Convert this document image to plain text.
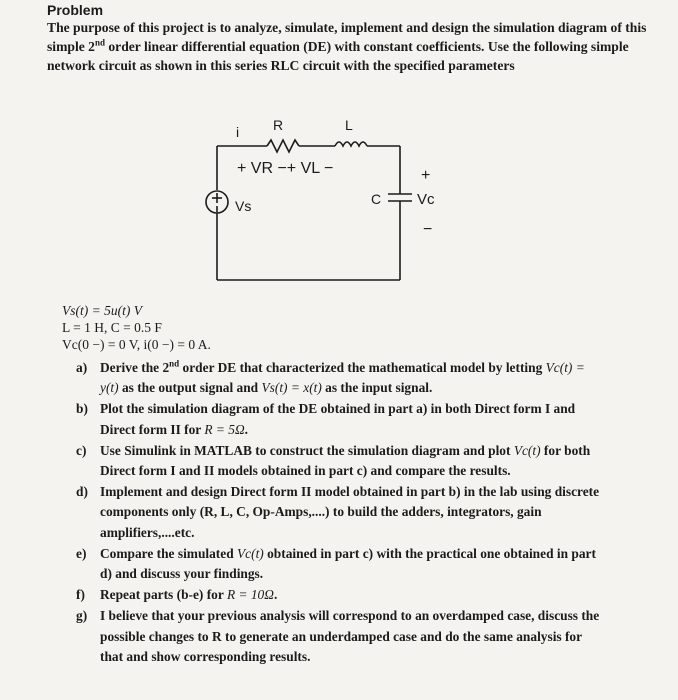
Problem
The purpose of this project is to analyze, simulate, implement and design the simulation diagram of this simple 2nd order linear differential equation (DE) with constant coefficients. Use the following simple network circuit as shown in this series RLC circuit with the specified parameters
i R	L
+ VR −+ VL −
Vs	C
+
Vc
−
Vs(t) = 5u(t) V
L = 1 H, C = 0.5 F
Vc(0 −) = 0 V, i(0 −) = 0 A.
a) Derive the 2nd order DE that characterized the mathematical model by letting Vc(t) = y(t) as the output signal and Vs(t) = x(t) as the input signal.
b) Plot the simulation diagram of the DE obtained in part a) in both Direct form I and Direct form II for R = 5Ω.
c) Use Simulink in MATLAB to construct the simulation diagram and plot Vc(t) for both Direct form I and II models obtained in part c) and compare the results.
d) Implement and design Direct form II model obtained in part b) in the lab using discrete components only (R, L, C, Op-Amps,....) to build the adders, integrators, gain amplifiers,....etc.
e) Compare the simulated Vc(t) obtained in part c) with the practical one obtained in part d) and discuss your findings.
f) Repeat parts (b-e) for R = 10Ω.
g) I believe that your previous analysis will correspond to an overdamped case, discuss the possible changes to R to generate an underdamped case and do the same analysis for that and show corresponding results.
